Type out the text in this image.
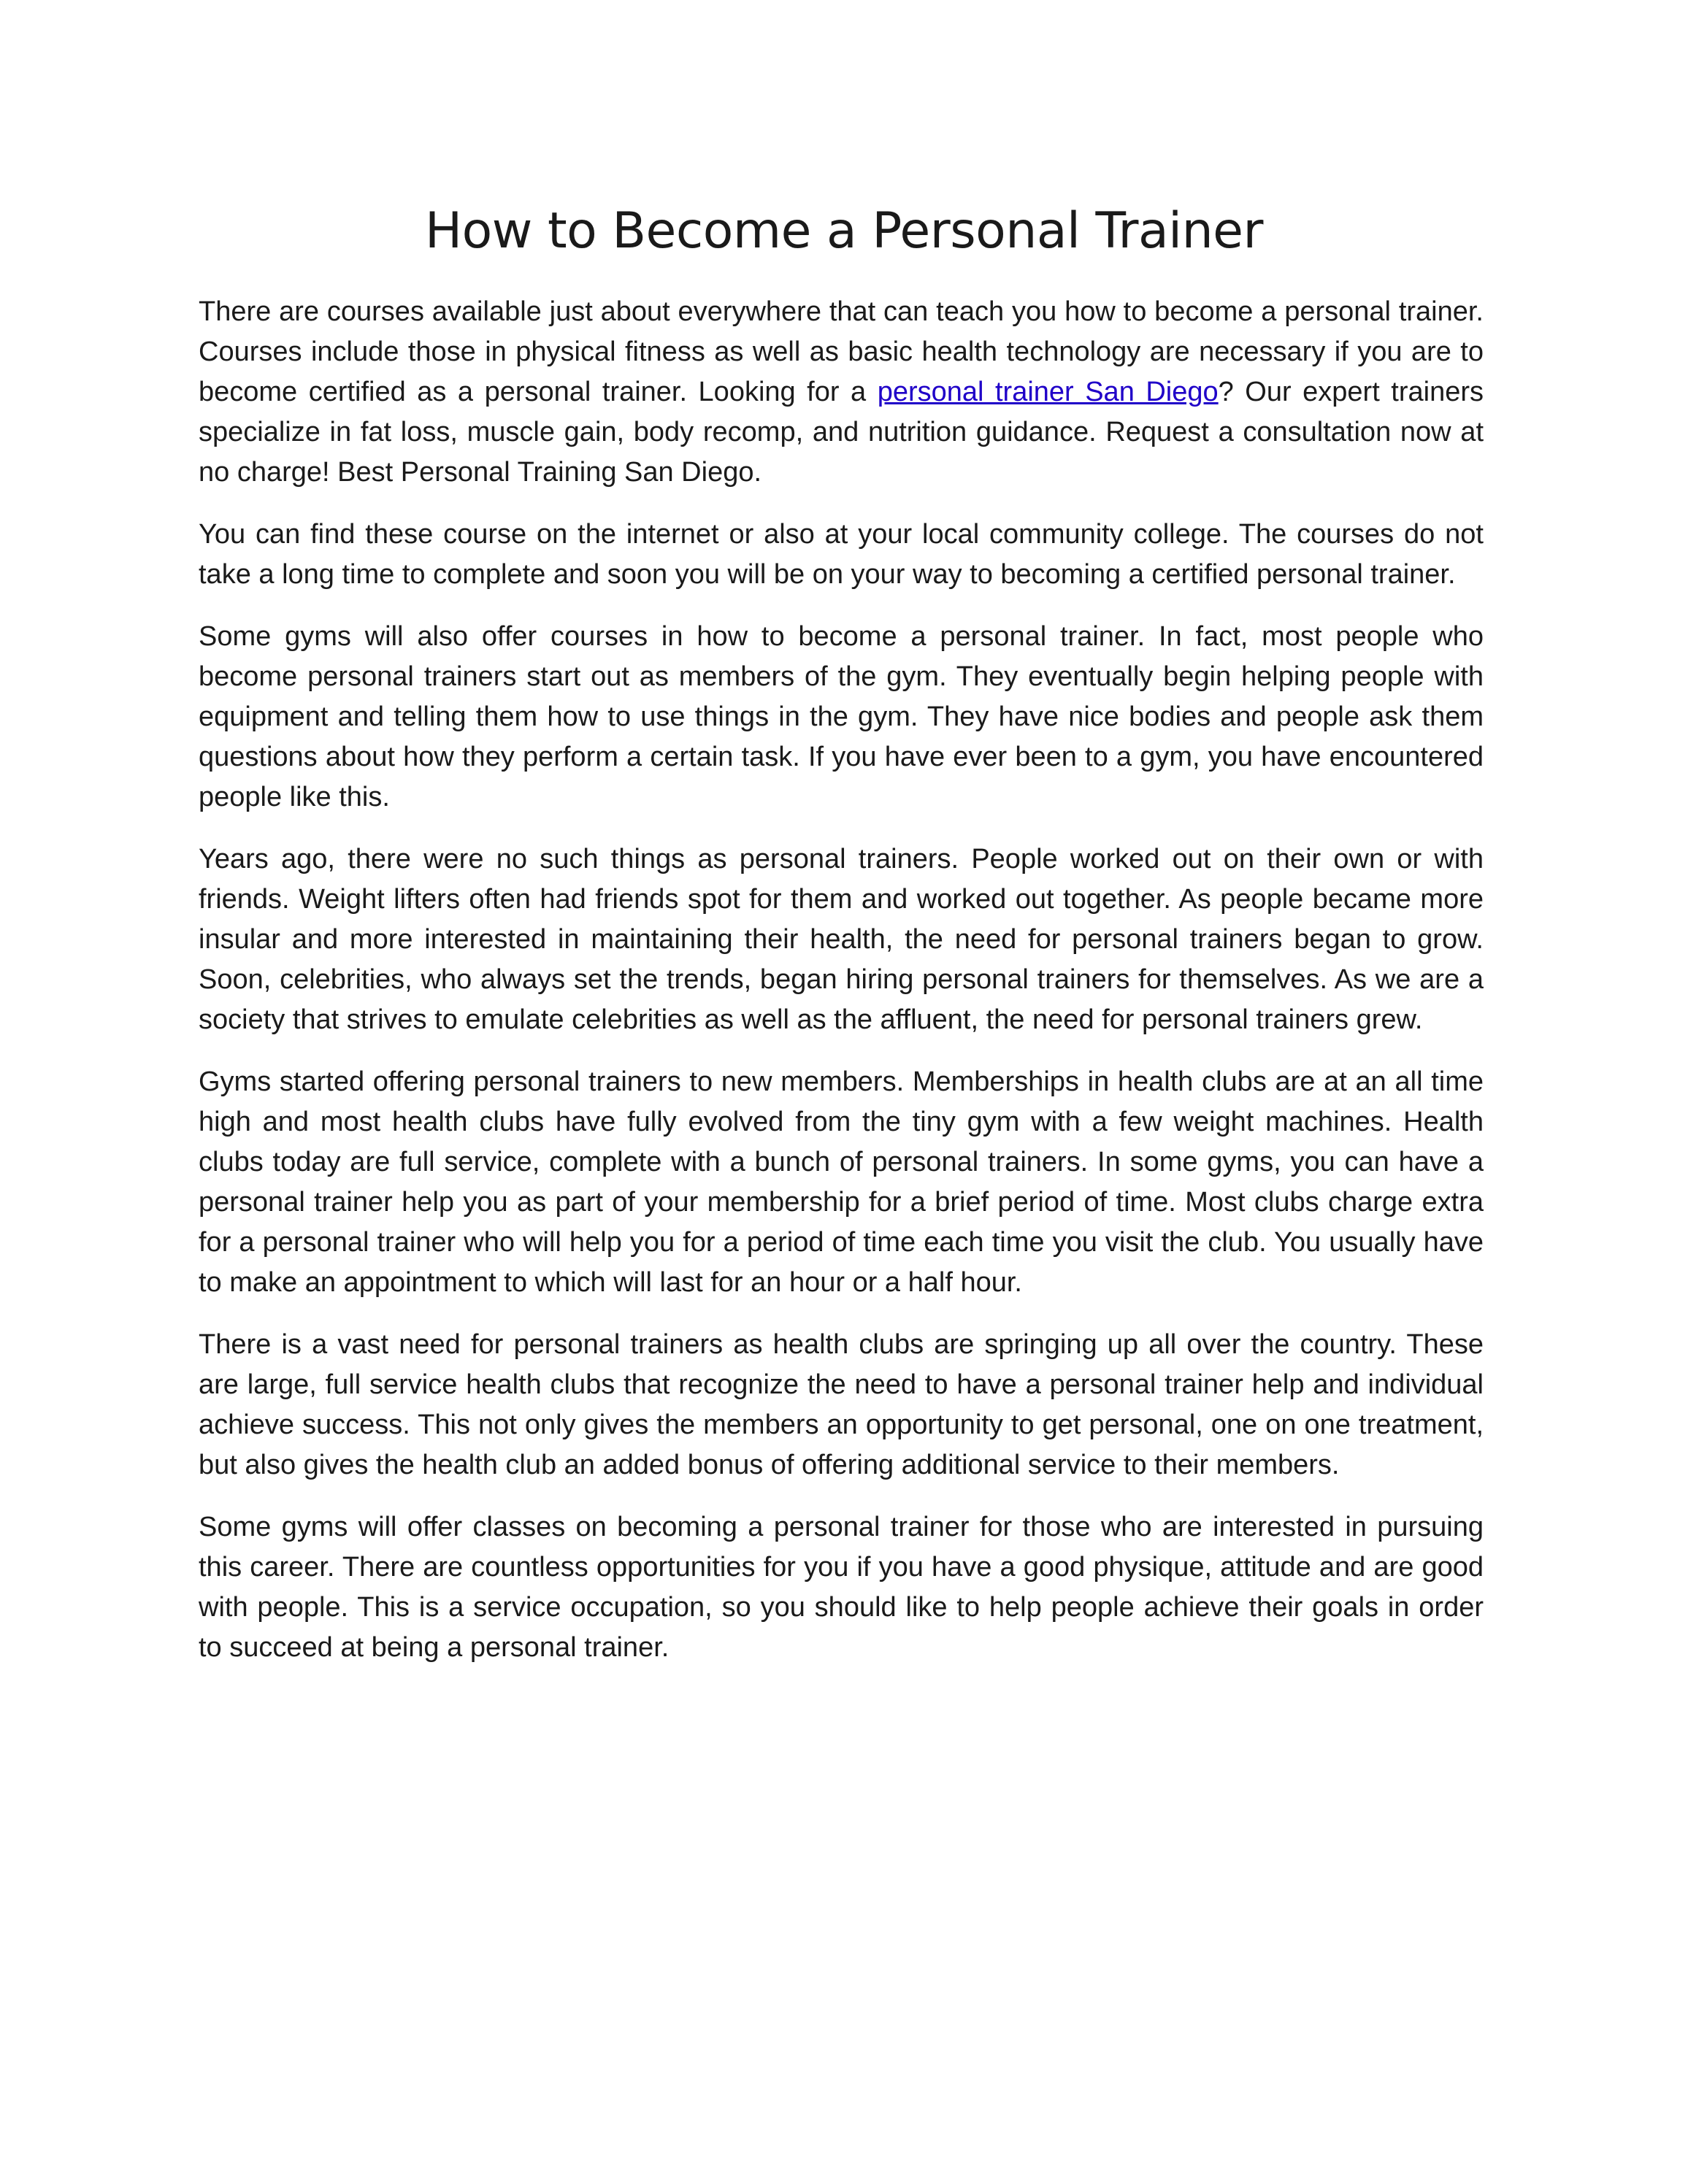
How to Become a Personal Trainer

There are courses available just about everywhere that can teach you how to become a personal trainer. Courses include those in physical fitness as well as basic health technology are necessary if you are to become certified as a personal trainer. Looking for a personal trainer San Diego? Our expert trainers specialize in fat loss, muscle gain, body recomp, and nutrition guidance. Request a consultation now at no charge! Best Personal Training San Diego.

You can find these course on the internet or also at your local community college. The courses do not take a long time to complete and soon you will be on your way to becoming a certified personal trainer.

Some gyms will also offer courses in how to become a personal trainer. In fact, most people who become personal trainers start out as members of the gym. They eventually begin helping people with equipment and telling them how to use things in the gym. They have nice bodies and people ask them questions about how they perform a certain task. If you have ever been to a gym, you have encountered people like this.

Years ago, there were no such things as personal trainers. People worked out on their own or with friends. Weight lifters often had friends spot for them and worked out together. As people became more insular and more interested in maintaining their health, the need for personal trainers began to grow. Soon, celebrities, who always set the trends, began hiring personal trainers for themselves. As we are a society that strives to emulate celebrities as well as the affluent, the need for personal trainers grew.

Gyms started offering personal trainers to new members. Memberships in health clubs are at an all time high and most health clubs have fully evolved from the tiny gym with a few weight machines. Health clubs today are full service, complete with a bunch of personal trainers. In some gyms, you can have a personal trainer help you as part of your membership for a brief period of time. Most clubs charge extra for a personal trainer who will help you for a period of time each time you visit the club. You usually have to make an appointment to which will last for an hour or a half hour.

There is a vast need for personal trainers as health clubs are springing up all over the country. These are large, full service health clubs that recognize the need to have a personal trainer help and individual achieve success. This not only gives the members an opportunity to get personal, one on one treatment, but also gives the health club an added bonus of offering additional service to their members.

Some gyms will offer classes on becoming a personal trainer for those who are interested in pursuing this career. There are countless opportunities for you if you have a good physique, attitude and are good with people. This is a service occupation, so you should like to help people achieve their goals in order to succeed at being a personal trainer.
